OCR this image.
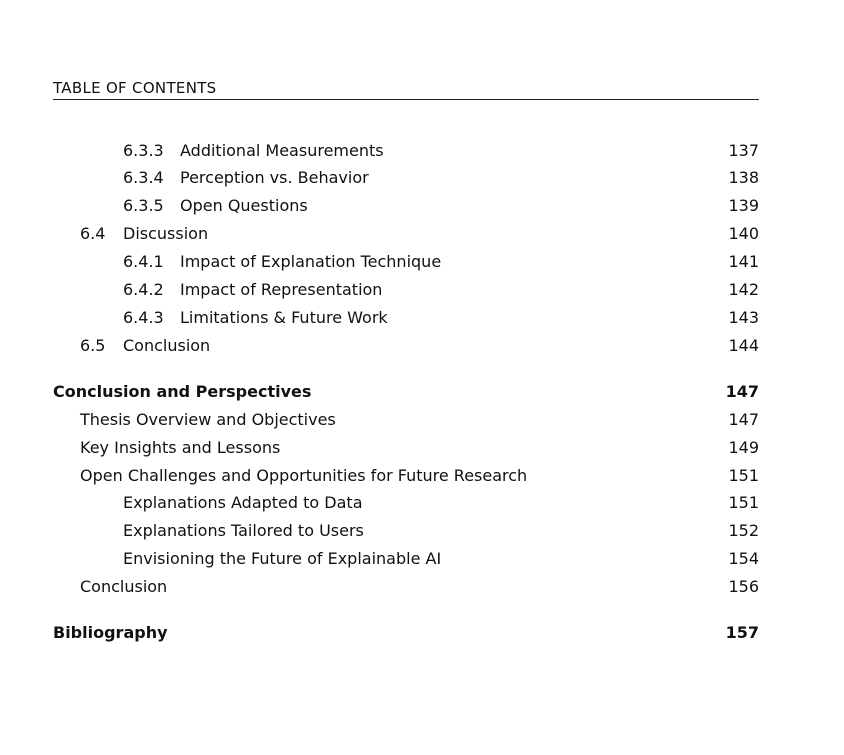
TABLE OF CONTENTS
6.3.3 Additional Measurements	137
6.3.4 Perception vs. Behavior	138
6.3.5 Open Questions	139
6.4 Discussion	140
6.4.1 Impact of Explanation Technique	141
6.4.2 Impact of Representation	142
6.4.3 Limitations & Future Work	143
6.5 Conclusion	144
Conclusion and Perspectives	147
Thesis Overview and Objectives	147
Key Insights and Lessons	149
Open Challenges and Opportunities for Future Research	151
Explanations Adapted to Data	151
Explanations Tailored to Users	152
Envisioning the Future of Explainable AI	154
Conclusion	156
Bibliography	157
